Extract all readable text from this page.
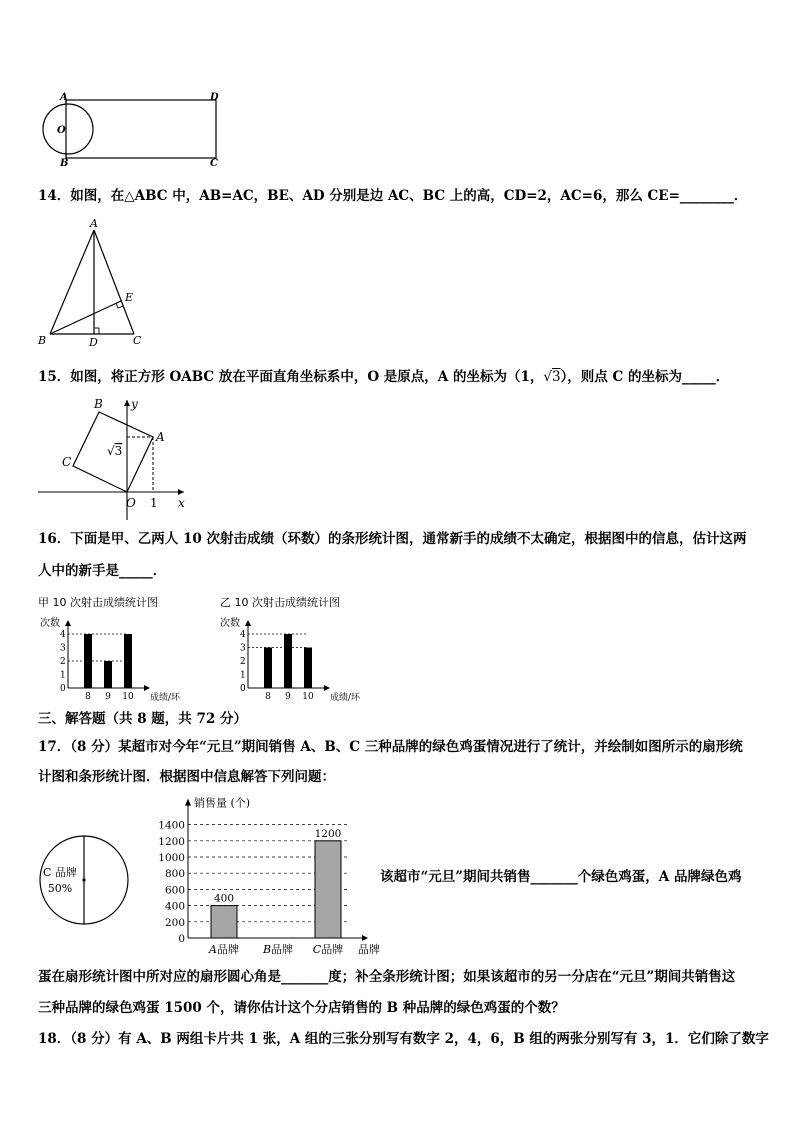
A	D
O
B	C
14．如图，在△ABC 中，AB=AC，BE、AD 分别是边 AC、BC 上的高，CD=2，AC=6，那么 CE=________．
A
E
B	D	C
15．如图，将正方形 OABC 放在平面直角坐标系中，O 是原点，A 的坐标为（1，√3），则点 C 的坐标为_____．
B y
A
C
√3
O 1 x
16．下面是甲、乙两人 10 次射击成绩（环数）的条形统计图，通常新手的成绩不太确定，根据图中的信息，估计这两
人中的新手是_____．
甲 10 次射击成绩统计图
次数
0
1
2
3
4
8 9 10 成绩/环
乙 10 次射击成绩统计图
次数
0
1
2
3
4
8 9 10 成绩/环
三、解答题（共 8 题，共 72 分）
17．（8 分）某超市对今年“元旦”期间销售 A、B、C 三种品牌的绿色鸡蛋情况进行了统计，并绘制如图所示的扇形统
计图和条形统计图．根据图中信息解答下列问题：
C 品牌
50%
销售量 (个)
0
200
400
600
800
1000
1200
1400
400
A品牌 B品牌
1200
C品牌 品牌
该超市“元旦”期间共销售_______个绿色鸡蛋，A 品牌绿色鸡
蛋在扇形统计图中所对应的扇形圆心角是_______度；补全条形统计图；如果该超市的另一分店在“元旦”期间共销售这
三种品牌的绿色鸡蛋 1500 个，请你估计这个分店销售的 B 种品牌的绿色鸡蛋的个数？
18．（8 分）有 A、B 两组卡片共 1 张，A 组的三张分别写有数字 2，4，6，B 组的两张分别写有 3，1．它们除了数字
